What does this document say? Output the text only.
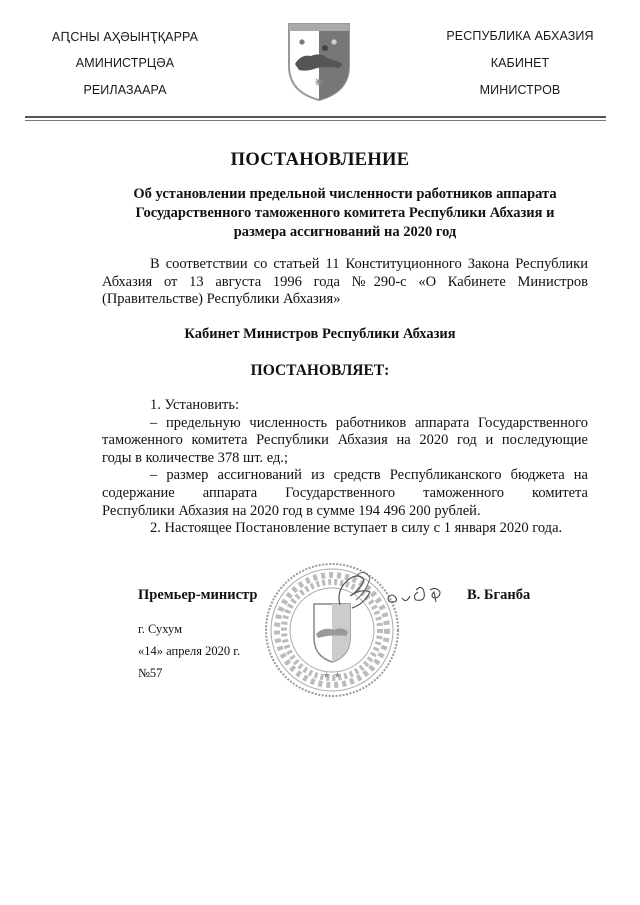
АԤСНЫ АҲӘЫНҬҚАРРА
АМИНИСТРЦӘА
РЕИЛАЗААРА
РЕСПУБЛИКА АБХАЗИЯ
КАБИНЕТ
МИНИСТРОВ
ПОСТАНОВЛЕНИЕ
Об установлении предельной численности работников аппарата
Государственного таможенного комитета Республики Абхазия и
размера ассигнований на 2020 год
В соответствии со статьей 11 Конституционного Закона Республики
Абхазия от 13 августа 1996 года №290-с «О Кабинете Министров
(Правительстве) Республики Абхазия»
Кабинет Министров Республики Абхазия
ПОСТАНОВЛЯЕТ:
1. Установить:
– предельную численность работников аппарата Государственного
таможенного комитета Республики Абхазия на 2020 год и последующие
годы в количестве 378 шт. ед.;
– размер ассигнований из средств Республиканского бюджета на
содержание аппарата Государственного таможенного комитета
Республики Абхазия на 2020 год в сумме 194 496 200 рублей.
2. Настоящее Постановление вступает в силу с 1 января 2020 года.
★ ★
Премьер-министр	В. Бганба
г. Сухум
«14» апреля 2020 г.
№57
